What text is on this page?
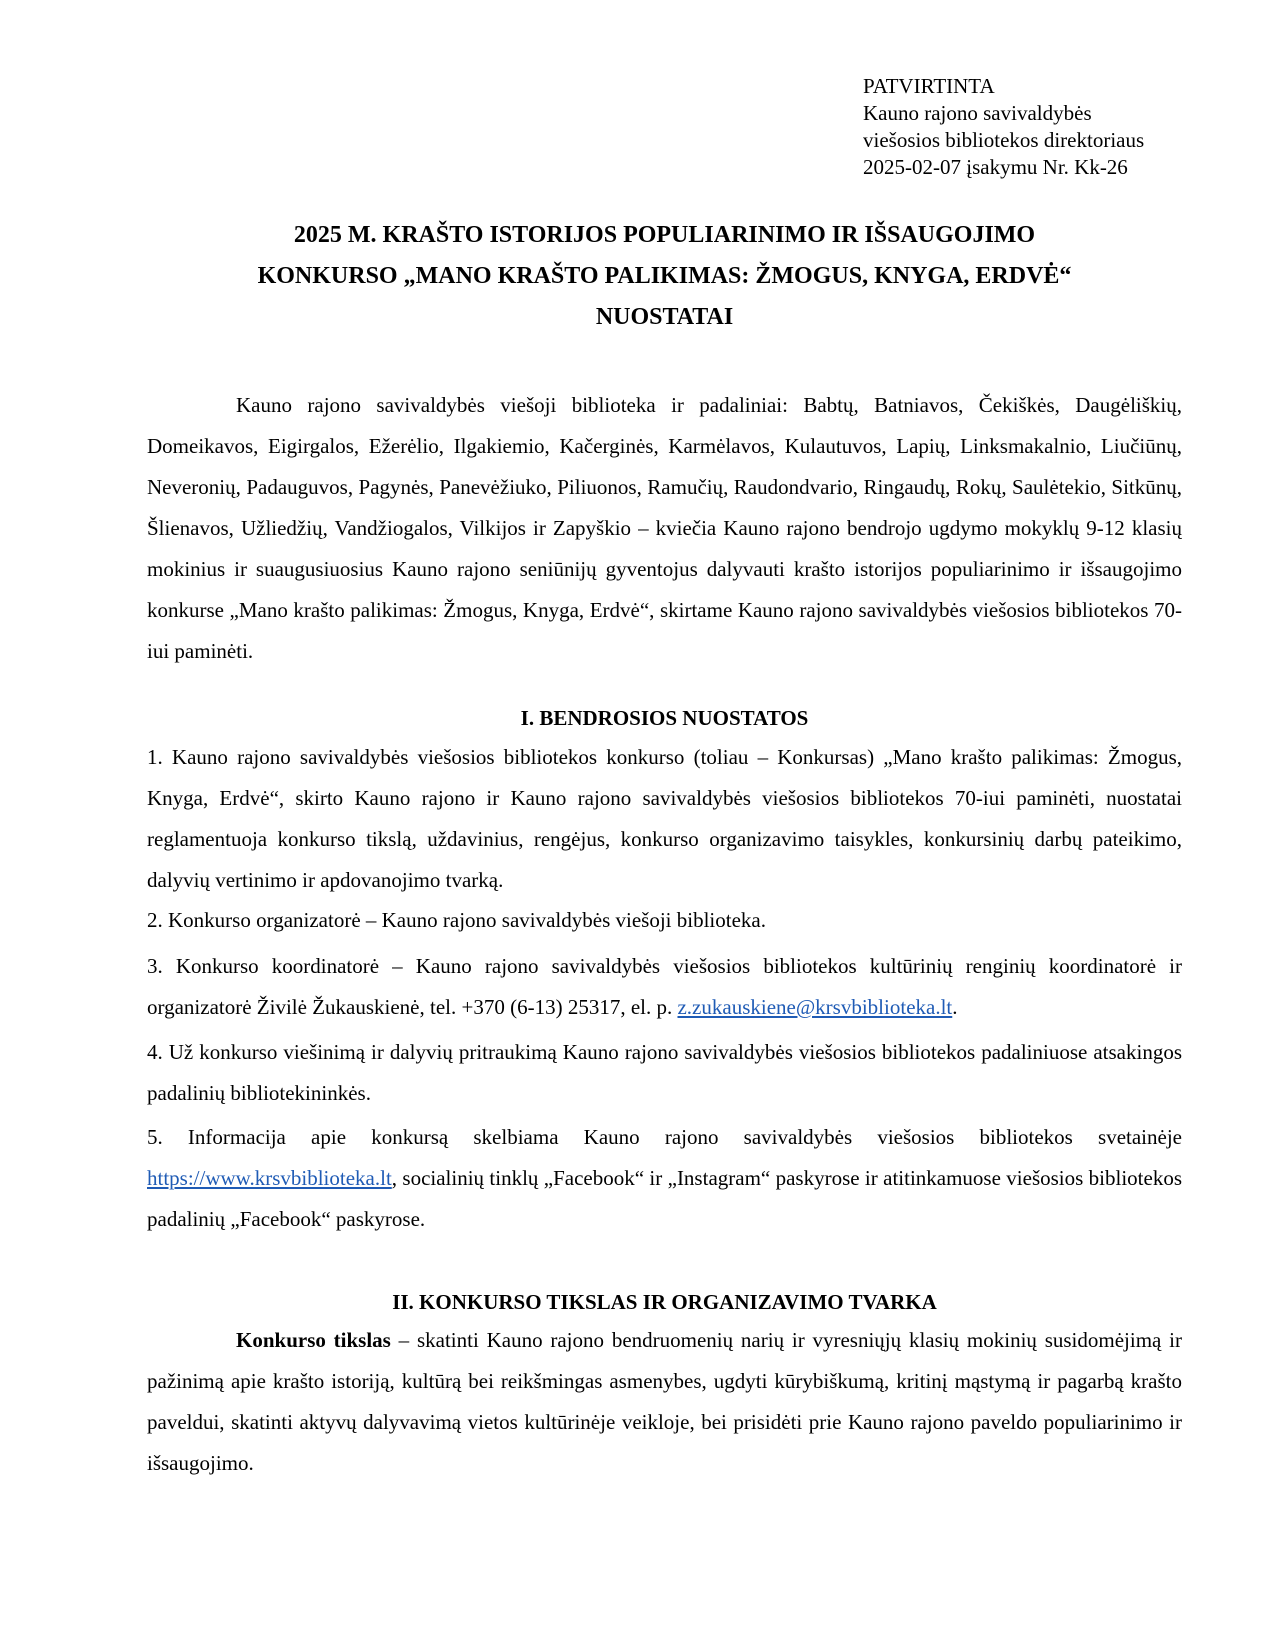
PATVIRTINTA
Kauno rajono savivaldybės
viešosios bibliotekos direktoriaus
2025-02-07 įsakymu Nr. Kk-26
2025 M. KRAŠTO ISTORIJOS POPULIARINIMO IR IŠSAUGOJIMO
KONKURSO „MANO KRAŠTO PALIKIMAS: ŽMOGUS, KNYGA, ERDVĖ“
NUOSTATAI

Kauno rajono savivaldybės viešoji biblioteka ir padaliniai: Babtų, Batniavos, Čekiškės, Daugėliškių, Domeikavos, Eigirgalos, Ežerėlio, Ilgakiemio, Kačerginės, Karmėlavos, Kulautuvos, Lapių, Linksmakalnio, Liučiūnų, Neveronių, Padauguvos, Pagynės, Panevėžiuko, Piliuonos, Ramučių, Raudondvario, Ringaudų, Rokų, Saulėtekio, Sitkūnų, Šlienavos, Užliedžių, Vandžiogalos, Vilkijos ir Zapyškio – kviečia Kauno rajono bendrojo ugdymo mokyklų 9-12 klasių mokinius ir suaugusiuosius Kauno rajono seniūnijų gyventojus dalyvauti krašto istorijos populiarinimo ir išsaugojimo konkurse „Mano krašto palikimas: Žmogus, Knyga, Erdvė“, skirtame Kauno rajono savivaldybės viešosios bibliotekos 70-iui paminėti.

I. BENDROSIOS NUOSTATOS

1. Kauno rajono savivaldybės viešosios bibliotekos konkurso (toliau – Konkursas) „Mano krašto palikimas: Žmogus, Knyga, Erdvė“, skirto Kauno rajono ir Kauno rajono savivaldybės viešosios bibliotekos 70-iui paminėti, nuostatai reglamentuoja konkurso tikslą, uždavinius, rengėjus, konkurso organizavimo taisykles, konkursinių darbų pateikimo, dalyvių vertinimo ir apdovanojimo tvarką.

2. Konkurso organizatorė – Kauno rajono savivaldybės viešoji biblioteka.

3. Konkurso koordinatorė – Kauno rajono savivaldybės viešosios bibliotekos kultūrinių renginių koordinatorė ir organizatorė Živilė Žukauskienė, tel. +370 (6-13) 25317, el. p. z.zukauskiene@krsvbiblioteka.lt.

4. Už konkurso viešinimą ir dalyvių pritraukimą Kauno rajono savivaldybės viešosios bibliotekos padaliniuose atsakingos padalinių bibliotekininkės.

5. Informacija apie konkursą skelbiama Kauno rajono savivaldybės viešosios bibliotekos svetainėje https://www.krsvbiblioteka.lt, socialinių tinklų „Facebook“ ir „Instagram“ paskyrose ir atitinkamuose viešosios bibliotekos padalinių „Facebook“ paskyrose.

II. KONKURSO TIKSLAS IR ORGANIZAVIMO TVARKA

Konkurso tikslas – skatinti Kauno rajono bendruomenių narių ir vyresniųjų klasių mokinių susidomėjimą ir pažinimą apie krašto istoriją, kultūrą bei reikšmingas asmenybes, ugdyti kūrybiškumą, kritinį mąstymą ir pagarbą krašto paveldui, skatinti aktyvų dalyvavimą vietos kultūrinėje veikloje, bei prisidėti prie Kauno rajono paveldo populiarinimo ir išsaugojimo.
